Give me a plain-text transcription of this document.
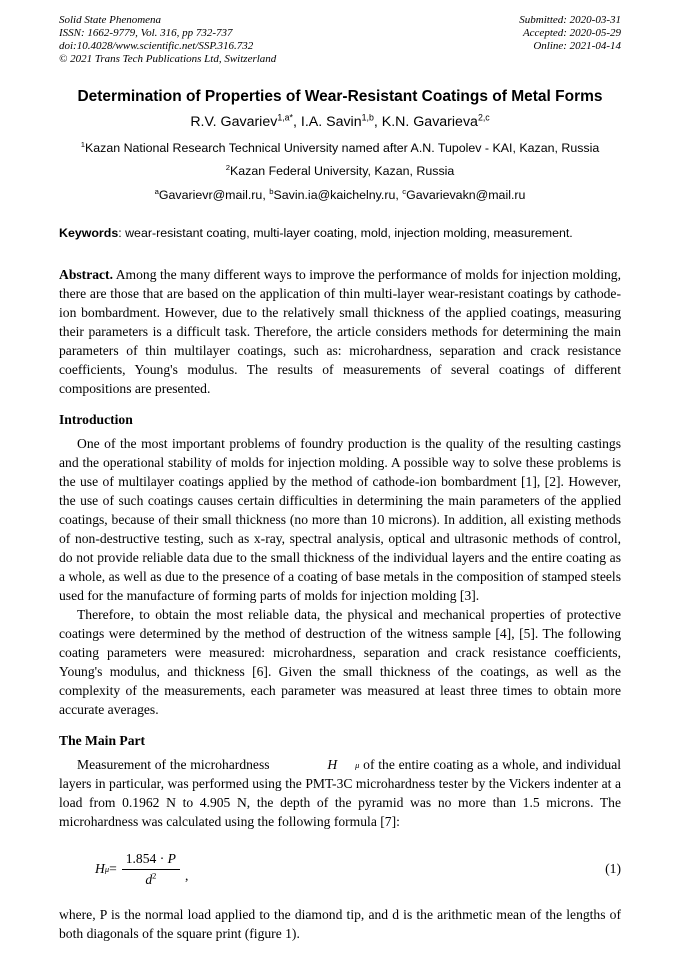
Solid State Phenomena
ISSN: 1662-9779, Vol. 316, pp 732-737
doi:10.4028/www.scientific.net/SSP.316.732
© 2021 Trans Tech Publications Ltd, Switzerland
Submitted: 2020-03-31
Accepted: 2020-05-29
Online: 2021-04-14
Determination of Properties of Wear-Resistant Coatings of Metal Forms
R.V. Gavariev$^{1,a*}$, I.A. Savin$^{1,b}$, K.N. Gavarieva$^{2,c}$
$^1$Kazan National Research Technical University named after A.N. Tupolev - KAI, Kazan, Russia
$^2$Kazan Federal University, Kazan, Russia
$^a$Gavarievr@mail.ru, $^b$Savin.ia@kaichelny.ru, $^c$Gavarievakn@mail.ru
Keywords: wear-resistant coating, multi-layer coating, mold, injection molding, measurement.
Abstract. Among the many different ways to improve the performance of molds for injection molding, there are those that are based on the application of thin multi-layer wear-resistant coatings by cathode-ion bombardment. However, due to the relatively small thickness of the applied coatings, measuring their parameters is a difficult task. Therefore, the article considers methods for determining the main parameters of thin multilayer coatings, such as: microhardness, separation and crack resistance coefficients, Young's modulus. The results of measurements of several coatings of different compositions are presented.
Introduction
One of the most important problems of foundry production is the quality of the resulting castings and the operational stability of molds for injection molding. A possible way to solve these problems is the use of multilayer coatings applied by the method of cathode-ion bombardment [1], [2]. However, the use of such coatings causes certain difficulties in determining the main parameters of the applied coatings, because of their small thickness (no more than 10 microns). In addition, all existing methods of non-destructive testing, such as x-ray, spectral analysis, optical and ultrasonic methods of control, do not provide reliable data due to the small thickness of the individual layers and the entire coating as a whole, as well as due to the presence of a coating of base metals in the composition of stamped steels used for the manufacture of forming parts of molds for injection molding [3].
Therefore, to obtain the most reliable data, the physical and mechanical properties of protective coatings were determined by the method of destruction of the witness sample [4], [5]. The following coating parameters were measured: microhardness, separation and crack resistance coefficients, Young's modulus, and thickness [6]. Given the small thickness of the coatings, as well as the complexity of the measurements, each parameter was measured at least three times to obtain more accurate averages.
The Main Part
Measurement of the microhardness	H	μ of the entire coating as a whole, and individual layers in particular, was performed using the PMT-3C microhardness tester by the Vickers indenter at a load from 0.1962 N to 4.905 N, the depth of the pyramid was no more than 1.5 microns. The microhardness was calculated using the following formula [7]:
H $\mu = \frac{1.854 \cdot P}{d^2}$ ,	(1)
where, P is the normal load applied to the diamond tip, and d is the arithmetic mean of the lengths of both diagonals of the square print (figure 1).
